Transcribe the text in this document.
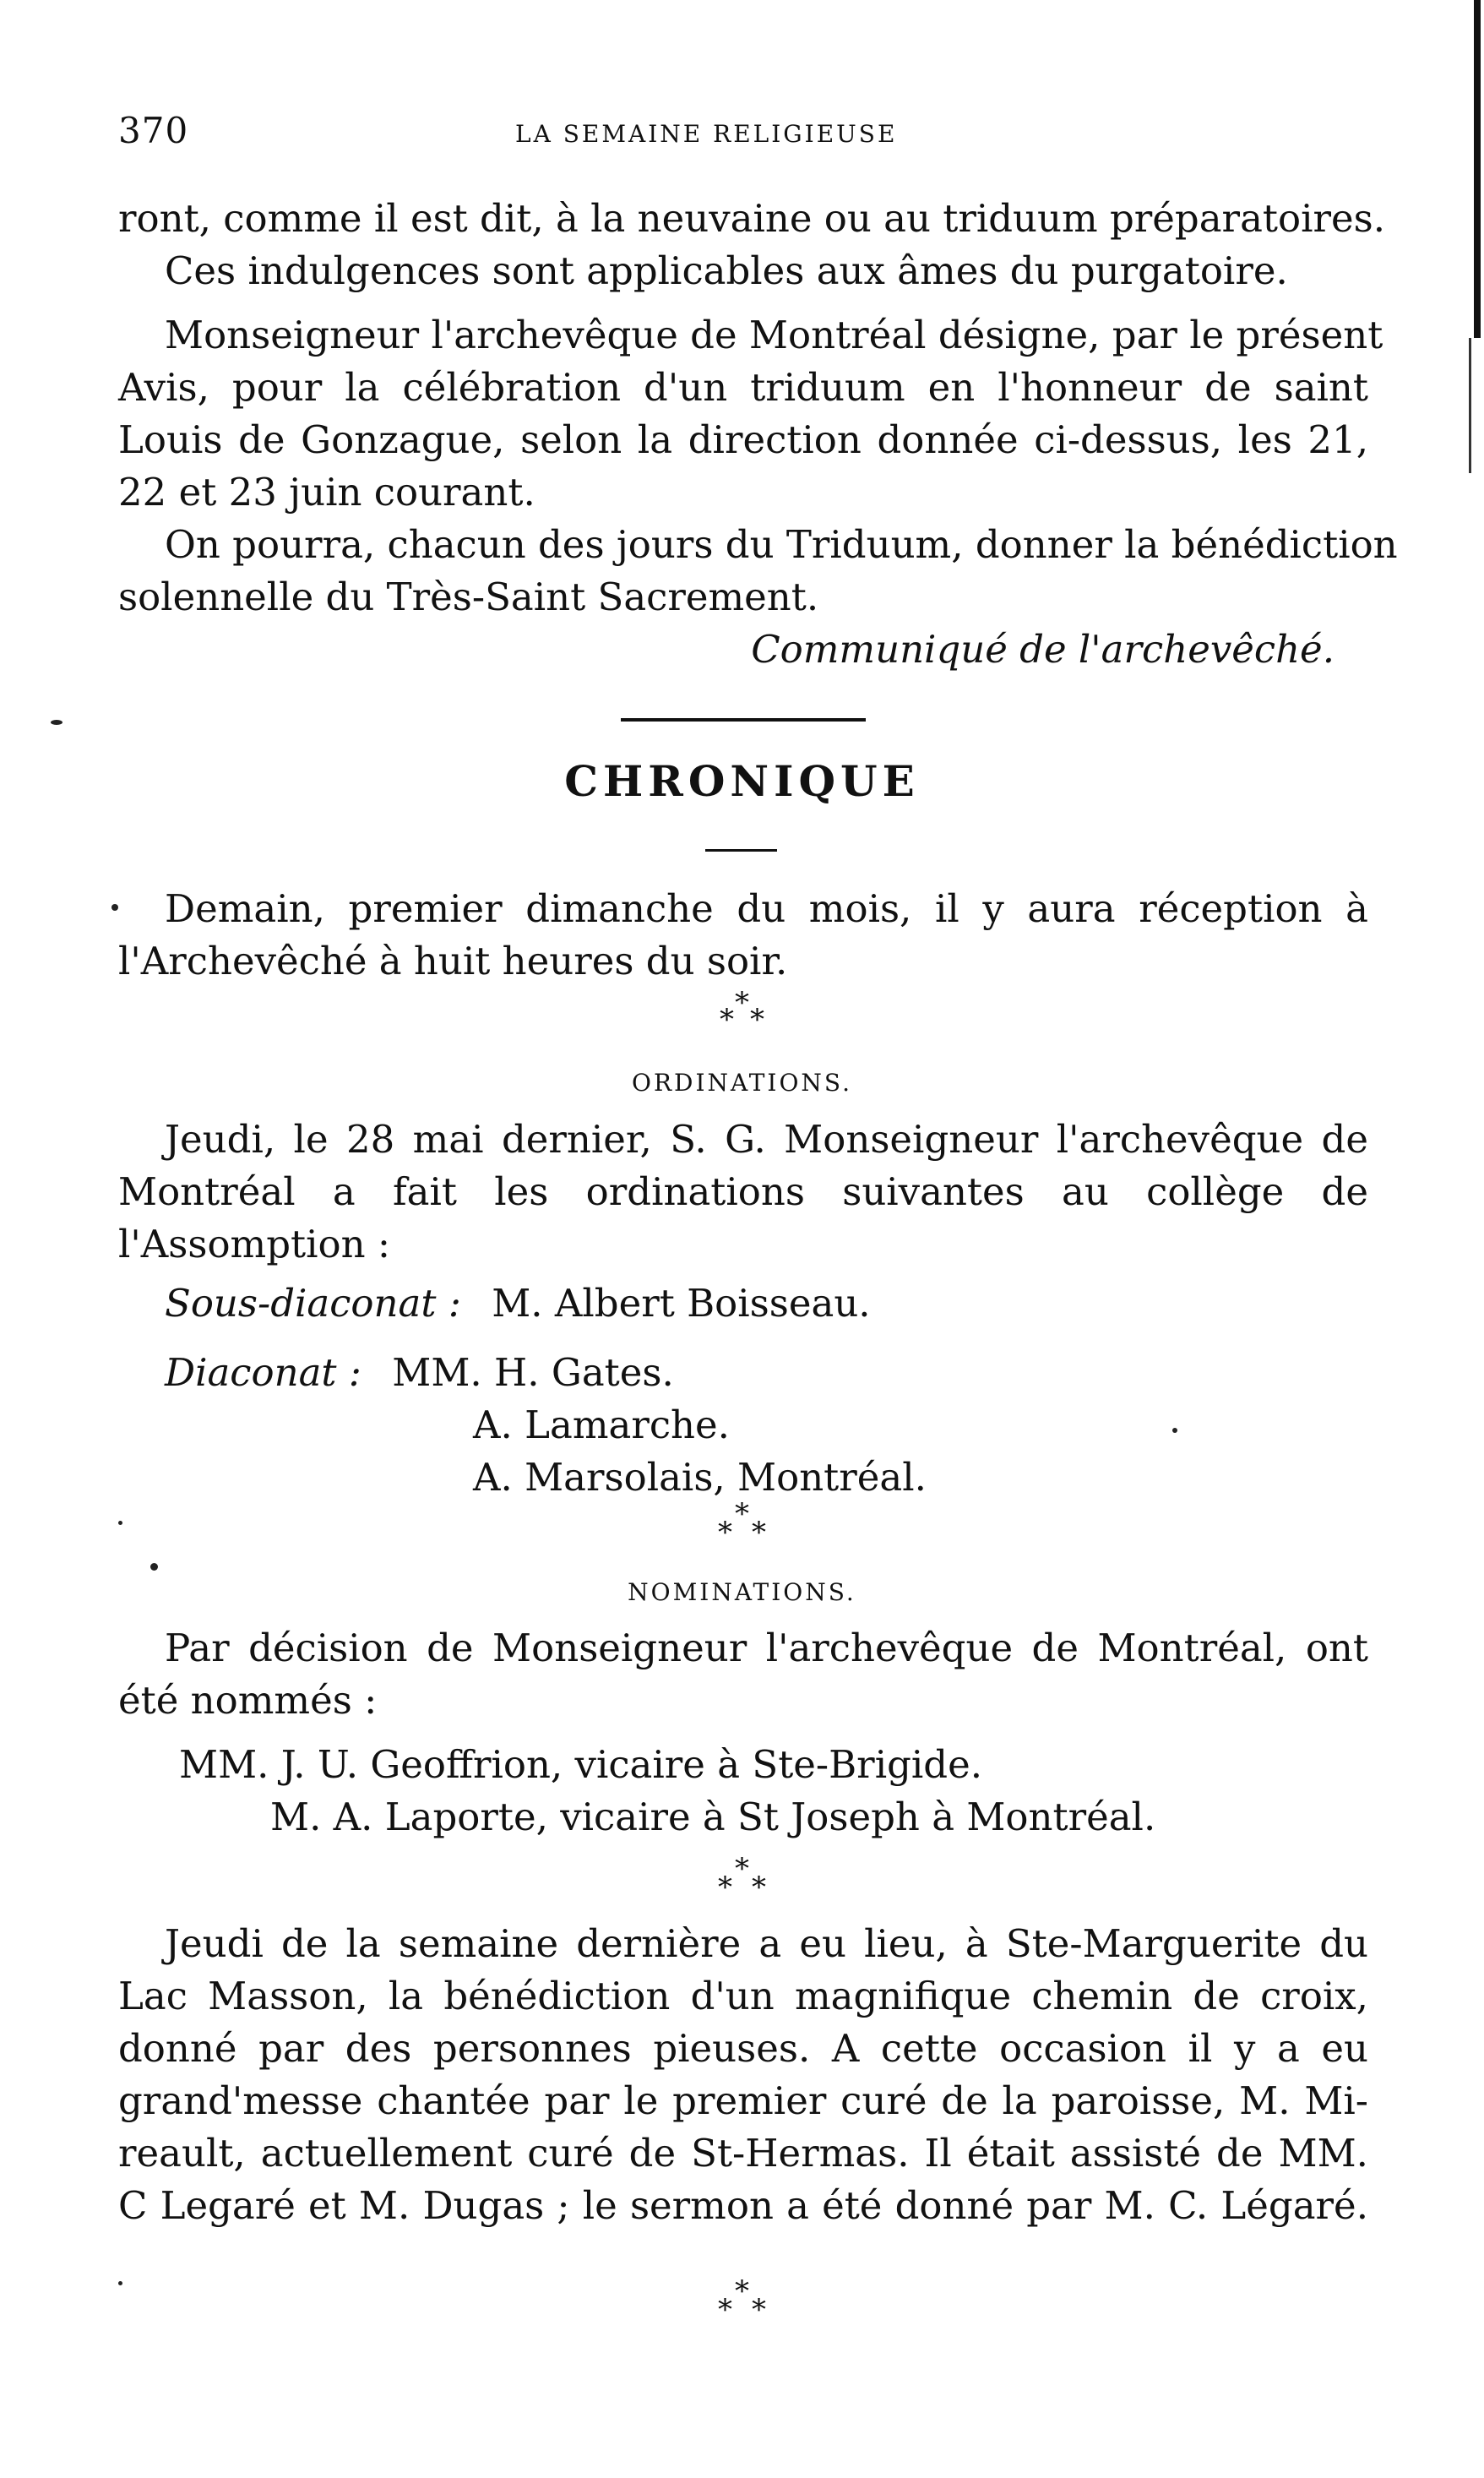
370	LA SEMAINE RELIGIEUSE
ront, comme il est dit, à la neuvaine ou au triduum préparatoires.
Ces indulgences sont applicables aux âmes du purgatoire.
Monseigneur l'archevêque de Montréal désigne, par le présent
Avis, pour la célébration d'un triduum en l'honneur de saint
Louis de Gonzague, selon la direction donnée ci-dessus, les 21,
22 et 23 juin courant.
On pourra, chacun des jours du Triduum, donner la bénédiction
solennelle du Très-Saint Sacrement.
Communiqué de l'archevêché.
CHRONIQUE
Demain, premier dimanche du mois, il y aura réception à
l'Archevêché à huit heures du soir.
*
* *
ORDINATIONS.
Jeudi, le 28 mai dernier, S. G. Monseigneur l'archevêque de
Montréal a fait les ordinations suivantes au collège de
l'Assomption :
Sous-diaconat : M. Albert Boisseau.
Diaconat : MM. H. Gates.
A. Lamarche.
A. Marsolais, Montréal.
*
* *
NOMINATIONS.
Par décision de Monseigneur l'archevêque de Montréal, ont
été nommés :
MM. J. U. Geoffrion, vicaire à Ste-Brigide.
M. A. Laporte, vicaire à St Joseph à Montréal.
*
* *
Jeudi de la semaine dernière a eu lieu, à Ste-Marguerite du
Lac Masson, la bénédiction d'un magnifique chemin de croix,
donné par des personnes pieuses. A cette occasion il y a eu
grand'messe chantée par le premier curé de la paroisse, M. Mi-
reault, actuellement curé de St-Hermas. Il était assisté de MM.
C Legaré et M. Dugas ; le sermon a été donné par M. C. Légaré.
*
* *
